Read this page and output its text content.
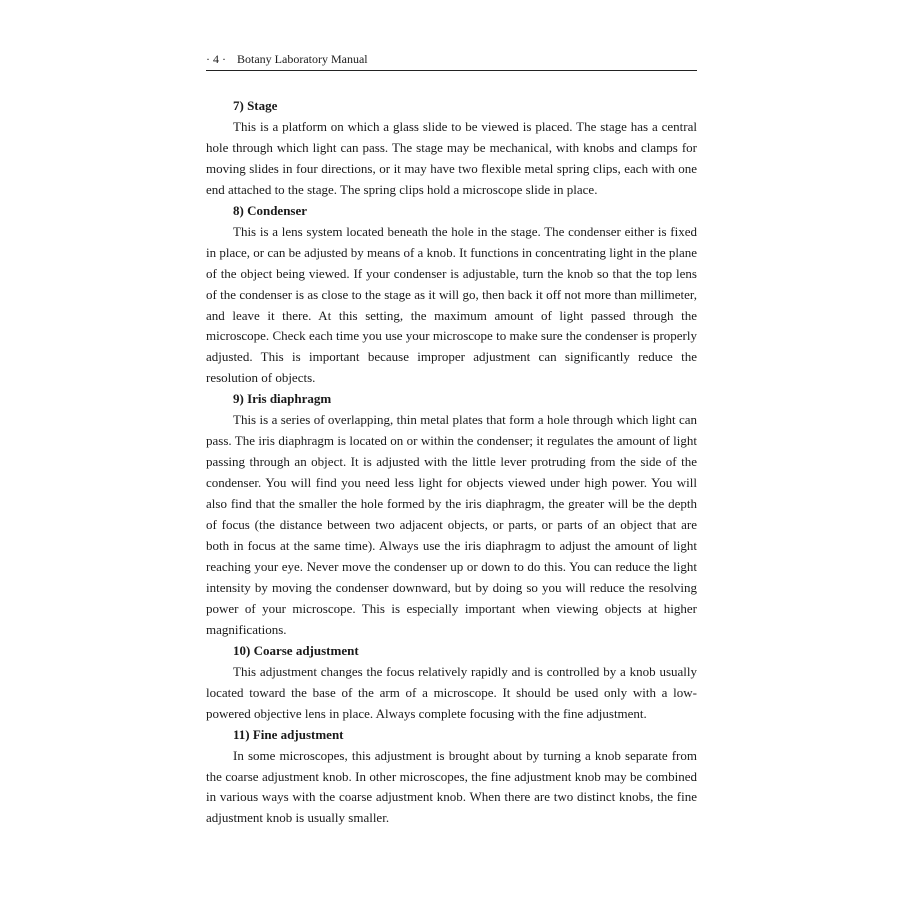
· 4 · Botany Laboratory Manual

7) Stage

This is a platform on which a glass slide to be viewed is placed. The stage has a central hole through which light can pass. The stage may be mechanical, with knobs and clamps for moving slides in four directions, or it may have two flexible metal spring clips, each with one end attached to the stage. The spring clips hold a microscope slide in place.

8) Condenser

This is a lens system located beneath the hole in the stage. The condenser either is fixed in place, or can be adjusted by means of a knob. It functions in concentrating light in the plane of the object being viewed. If your condenser is adjustable, turn the knob so that the top lens of the condenser is as close to the stage as it will go, then back it off not more than millimeter, and leave it there. At this setting, the maximum amount of light passed through the microscope. Check each time you use your microscope to make sure the condenser is properly adjusted. This is important because improper adjustment can significantly reduce the resolution of objects.

9) Iris diaphragm

This is a series of overlapping, thin metal plates that form a hole through which light can pass. The iris diaphragm is located on or within the condenser; it regulates the amount of light passing through an object. It is adjusted with the little lever protruding from the side of the condenser. You will find you need less light for objects viewed under high power. You will also find that the smaller the hole formed by the iris diaphragm, the greater will be the depth of focus (the distance between two adjacent objects, or parts, or parts of an object that are both in focus at the same time). Always use the iris diaphragm to adjust the amount of light reaching your eye. Never move the condenser up or down to do this. You can reduce the light intensity by moving the condenser downward, but by doing so you will reduce the resolving power of your microscope. This is especially important when viewing objects at higher magnifications.

10) Coarse adjustment

This adjustment changes the focus relatively rapidly and is controlled by a knob usually located toward the base of the arm of a microscope. It should be used only with a low-powered objective lens in place. Always complete focusing with the fine adjustment.

11) Fine adjustment

In some microscopes, this adjustment is brought about by turning a knob separate from the coarse adjustment knob. In other microscopes, the fine adjustment knob may be combined in various ways with the coarse adjustment knob. When there are two distinct knobs, the fine adjustment knob is usually smaller.
